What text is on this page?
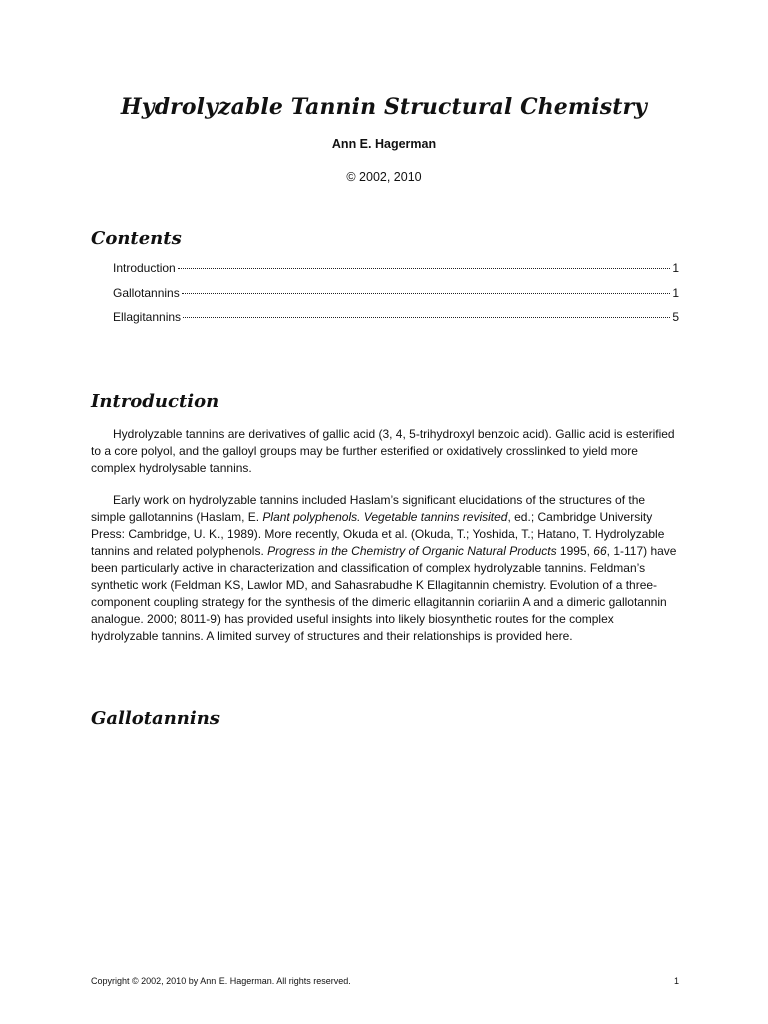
Hydrolyzable Tannin Structural Chemistry
Ann E. Hagerman
© 2002, 2010
Contents
Introduction	1
Gallotannins	1
Ellagitannins	5
Introduction
Hydrolyzable tannins are derivatives of gallic acid (3, 4, 5-trihydroxyl benzoic acid). Gallic acid is esterified to a core polyol, and the galloyl groups may be further esterified or oxidatively crosslinked to yield more complex hydrolysable tannins.
Early work on hydrolyzable tannins included Haslam’s significant elucidations of the structures of the simple gallotannins (Haslam, E. Plant polyphenols. Vegetable tannins revisited, ed.; Cambridge University Press: Cambridge, U. K., 1989). More recently, Okuda et al. (Okuda, T.; Yoshida, T.; Hatano, T. Hydrolyzable tannins and related polyphenols. Progress in the Chemistry of Organic Natural Products 1995, 66, 1-117) have been particularly active in characterization and classification of complex hydrolyzable tannins. Feldman’s synthetic work (Feldman KS, Lawlor MD, and Sahasrabudhe K Ellagitannin chemistry. Evolution of a three-component coupling strategy for the synthesis of the dimeric ellagitannin coriariin A and a dimeric gallotannin analogue. 2000; 8011-9) has provided useful insights into likely biosynthetic routes for the complex hydrolyzable tannins. A limited survey of structures and their relationships is provided here.
Gallotannins
Copyright © 2002, 2010 by Ann E. Hagerman. All rights reserved.	1
